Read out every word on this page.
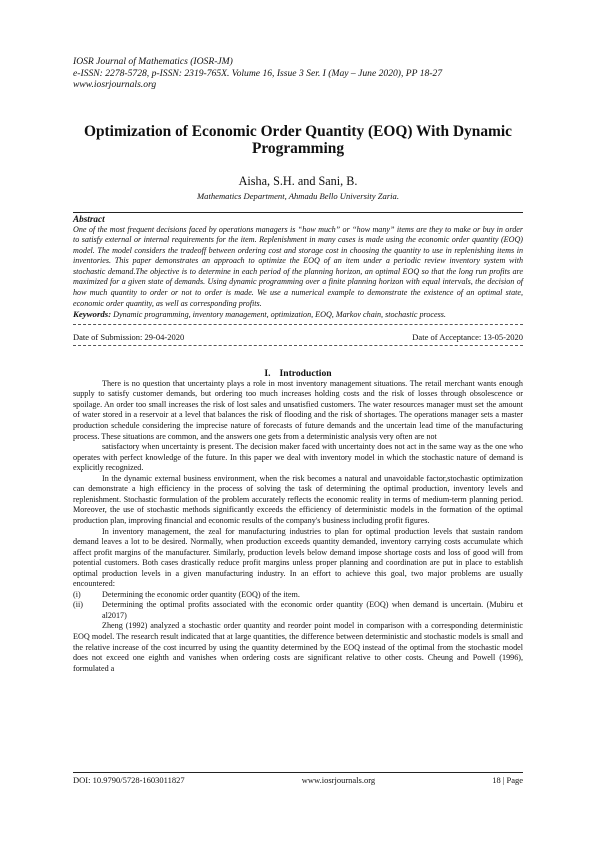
IOSR Journal of Mathematics (IOSR-JM)
e-ISSN: 2278-5728, p-ISSN: 2319-765X. Volume 16, Issue 3 Ser. I (May – June 2020), PP 18-27
www.iosrjournals.org
Optimization of Economic Order Quantity (EOQ) With Dynamic Programming
Aisha, S.H. and Sani, B.
Mathematics Department, Ahmadu Bello University Zaria.
Abstract
One of the most frequent decisions faced by operations managers is “how much” or “how many” items are they to make or buy in order to satisfy external or internal requirements for the item. Replenishment in many cases is made using the economic order quantity (EOQ) model. The model considers the tradeoff between ordering cost and storage cost in choosing the quantity to use in replenishing items in inventories. This paper demonstrates an approach to optimize the EOQ of an item under a periodic review inventory system with stochastic demand.The objective is to determine in each period of the planning horizon, an optimal EOQ so that the long run profits are maximized for a given state of demands. Using dynamic programming over a finite planning horizon with equal intervals, the decision of how much quantity to order or not to order is made. We use a numerical example to demonstrate the existence of an optimal state, economic order quantity, as well as corresponding profits.
Keywords: Dynamic programming, inventory management, optimization, EOQ, Markov chain, stochastic process.
Date of Submission: 29-04-2020	Date of Acceptance: 13-05-2020
I. Introduction

There is no question that uncertainty plays a role in most inventory management situations. The retail merchant wants enough supply to satisfy customer demands, but ordering too much increases holding costs and the risk of losses through obsolescence or spoilage. An order too small increases the risk of lost sales and unsatisfied customers. The water resources manager must set the amount of water stored in a reservoir at a level that balances the risk of flooding and the risk of shortages. The operations manager sets a master production schedule considering the imprecise nature of forecasts of future demands and the uncertain lead time of the manufacturing process. These situations are common, and the answers one gets from a deterministic analysis very often are not

satisfactory when uncertainty is present. The decision maker faced with uncertainty does not act in the same way as the one who operates with perfect knowledge of the future. In this paper we deal with inventory model in which the stochastic nature of demand is explicitly recognized.

In the dynamic external business environment, when the risk becomes a natural and unavoidable factor,stochastic optimization can demonstrate a high efficiency in the process of solving the task of determining the optimal production, inventory levels and replenishment. Stochastic formulation of the problem accurately reflects the economic reality in terms of medium-term planning period. Moreover, the use of stochastic methods significantly exceeds the efficiency of deterministic models in the formation of the optimal production plan, improving financial and economic results of the company's business including profit figures.

In inventory management, the zeal for manufacturing industries to plan for optimal production levels that sustain random demand leaves a lot to be desired. Normally, when production exceeds quantity demanded, inventory carrying costs accumulate which affect profit margins of the manufacturer. Similarly, production levels below demand impose shortage costs and loss of good will from potential customers. Both cases drastically reduce profit margins unless proper planning and coordination are put in place to establish optimal production levels in a given manufacturing industry. In an effort to achieve this goal, two major problems are usually encountered:

(i)	Determining the economic order quantity (EOQ) of the item.
(ii)	Determining the optimal profits associated with the economic order quantity (EOQ) when demand is uncertain. (Mubiru et al2017)

Zheng (1992) analyzed a stochastic order quantity and reorder point model in comparison with a corresponding deterministic EOQ model. The research result indicated that at large quantities, the difference between deterministic and stochastic models is small and the relative increase of the cost incurred by using the quantity determined by the EOQ instead of the optimal from the stochastic model does not exceed one eighth and vanishes when ordering costs are significant relative to other costs. Cheung and Powell (1996), formulated a

DOI: 10.9790/5728-1603011827	www.iosrjournals.org	18 | Page
